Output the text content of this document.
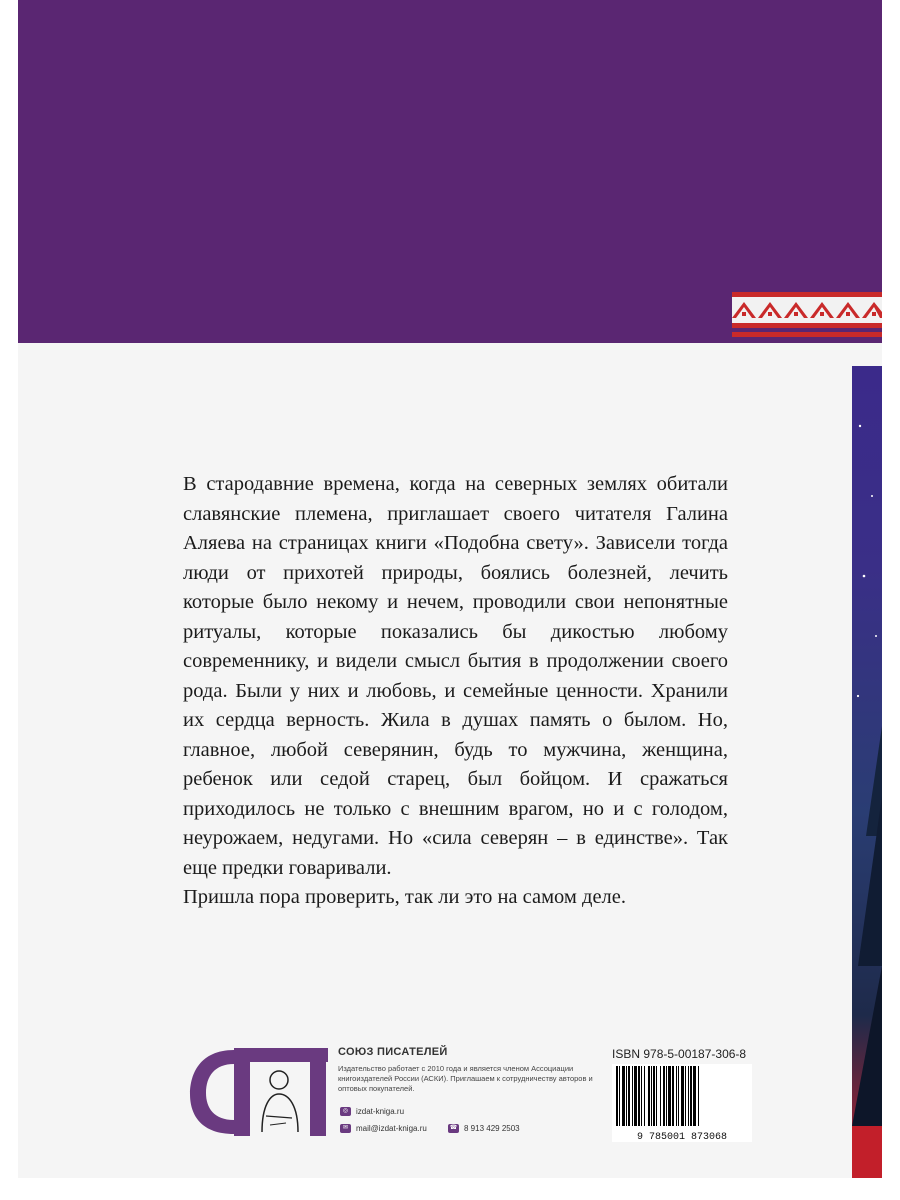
В стародавние времена, когда на северных землях обитали славянские племена, приглашает своего читателя Галина Аляева на страницах книги «Подобна свету». Зависели тогда люди от прихотей природы, боялись болезней, лечить которые было некому и нечем, проводили свои непонятные ритуалы, которые показались бы дикостью любому современнику, и видели смысл бытия в продолжении своего рода. Были у них и любовь, и семейные ценности. Хранили их сердца верность. Жила в душах память о былом. Но, главное, любой северянин, будь то мужчина, женщина, ребенок или седой старец, был бойцом. И сражаться приходилось не только с внешним врагом, но и с голодом, неурожаем, недугами. Но «сила северян – в единстве». Так еще предки говаривали.

Пришла пора проверить, так ли это на самом деле.

СОЮЗ ПИСАТЕЛЕЙ
Издательство работает с 2010 года и является членом Ассоциации книгоиздателей России (АСКИ). Приглашаем к сотрудничеству авторов и оптовых покупателей.
◎ izdat-kniga.ru
✉ mail@izdat-kniga.ru	☎ 8 913 429 2503
ISBN 978-5-00187-306-8
9 785001 873068
